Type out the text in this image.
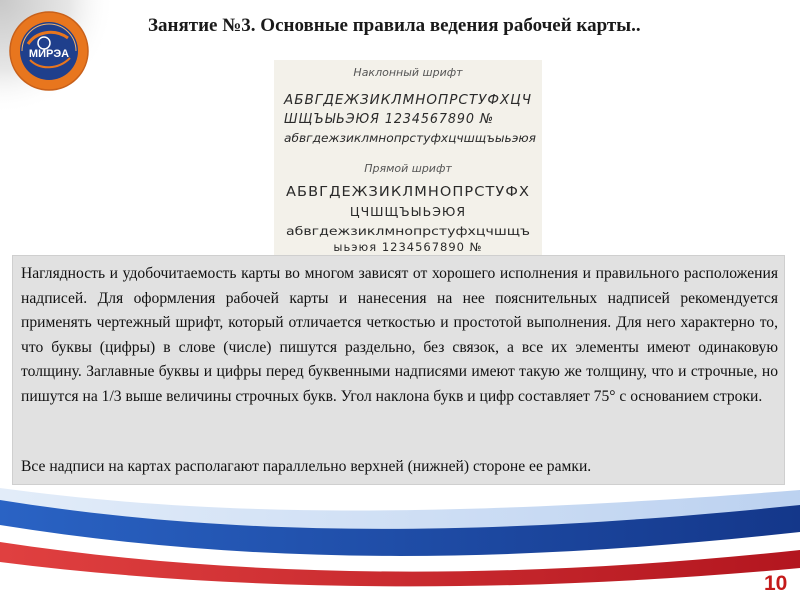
МИРЭА
Занятие №3. Основные правила ведения рабочей карты..
Наклонный шрифт
АБВГДЕЖЗИКЛМНОПРСТУФХЦЧ
ШЩЪЫЬЭЮЯ 1234567890 №
абвгдежзиклмнопрстуфхцчшщъыьэюя
Прямой шрифт
АБВГДЕЖЗИКЛМНОПРСТУФХ
ЦЧШЩЪЫЬЭЮЯ
абвгдежзиклмнопрстуфхцчшщъ
ыьэюя 1234567890 №

Наглядность и удобочитаемость карты во многом зависят от хорошего исполнения и правильного расположения надписей. Для оформления рабочей карты и нанесения на нее пояснительных надписей рекомендуется применять чертежный шрифт, который отличается четкостью и простотой выполнения. Для него характерно то, что буквы (цифры) в слове (числе) пишутся раздельно, без связок, а все их элементы имеют одинаковую толщину. Заглавные буквы и цифры перед буквенными надписями имеют такую же толщину, что и строчные, но пишутся на 1/3 выше величины строчных букв. Угол наклона букв и цифр составляет 75° с основанием строки.

Все надписи на картах располагают параллельно верхней (нижней) стороне ее рамки.

10
